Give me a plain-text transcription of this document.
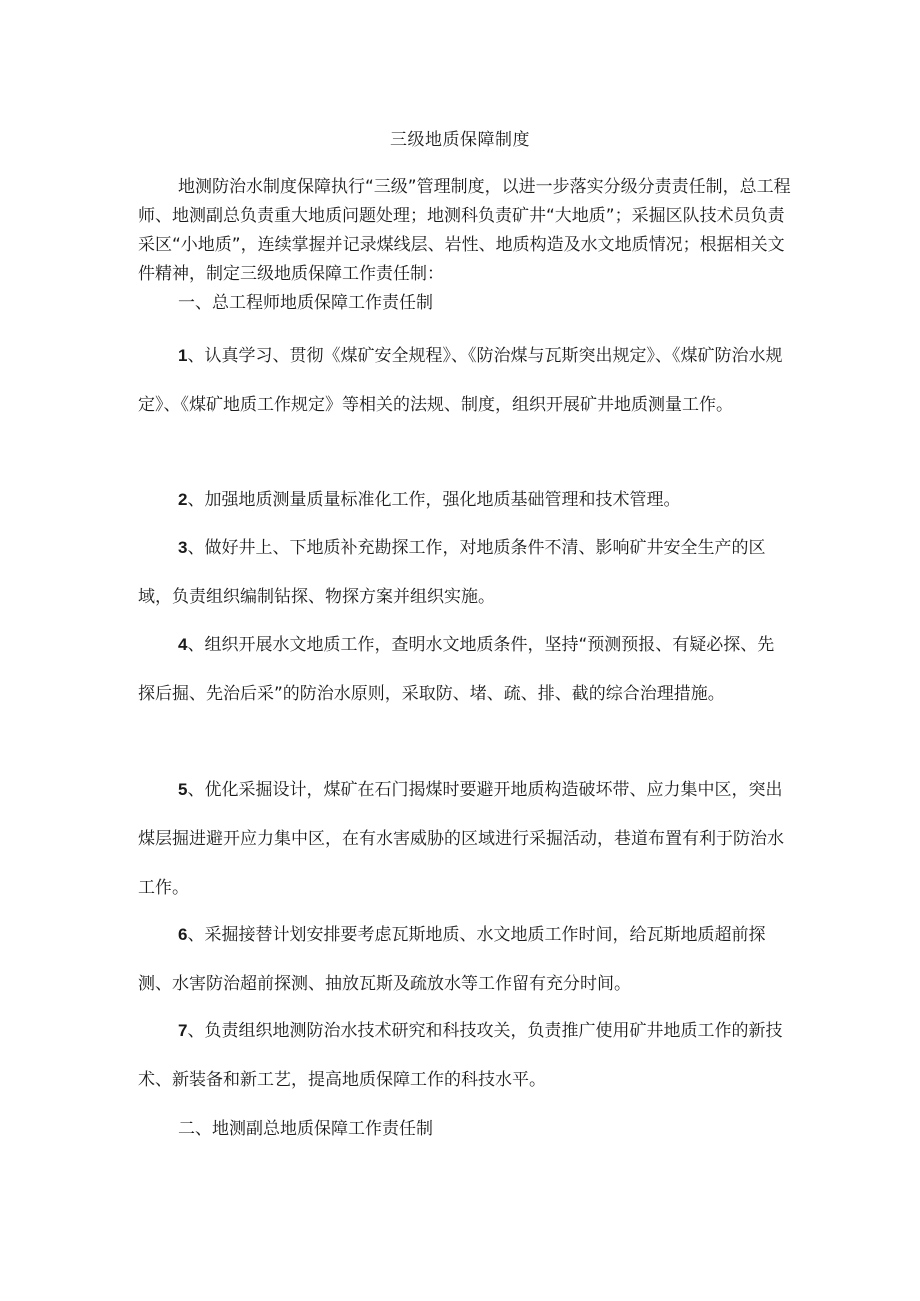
三级地质保障制度

地测防治水制度保障执行“三级”管理制度，以进一步落实分级分责责任制，总工程师、地测副总负责重大地质问题处理；地测科负责矿井“大地质”；采掘区队技术员负责采区“小地质”，连续掌握并记录煤线层、岩性、地质构造及水文地质情况；根据相关文件精神，制定三级地质保障工作责任制：

一、总工程师地质保障工作责任制

1、认真学习、贯彻《煤矿安全规程》、《防治煤与瓦斯突出规定》、《煤矿防治水规定》、《煤矿地质工作规定》等相关的法规、制度，组织开展矿井地质测量工作。

2、加强地质测量质量标准化工作，强化地质基础管理和技术管理。

3、做好井上、下地质补充勘探工作，对地质条件不清、影响矿井安全生产的区域，负责组织编制钻探、物探方案并组织实施。

4、组织开展水文地质工作，查明水文地质条件，坚持“预测预报、有疑必探、先探后掘、先治后采”的防治水原则，采取防、堵、疏、排、截的综合治理措施。

5、优化采掘设计，煤矿在石门揭煤时要避开地质构造破坏带、应力集中区，突出煤层掘进避开应力集中区，在有水害威胁的区域进行采掘活动，巷道布置有利于防治水工作。

6、采掘接替计划安排要考虑瓦斯地质、水文地质工作时间，给瓦斯地质超前探测、水害防治超前探测、抽放瓦斯及疏放水等工作留有充分时间。

7、负责组织地测防治水技术研究和科技攻关，负责推广使用矿井地质工作的新技术、新装备和新工艺，提高地质保障工作的科技水平。

二、地测副总地质保障工作责任制
